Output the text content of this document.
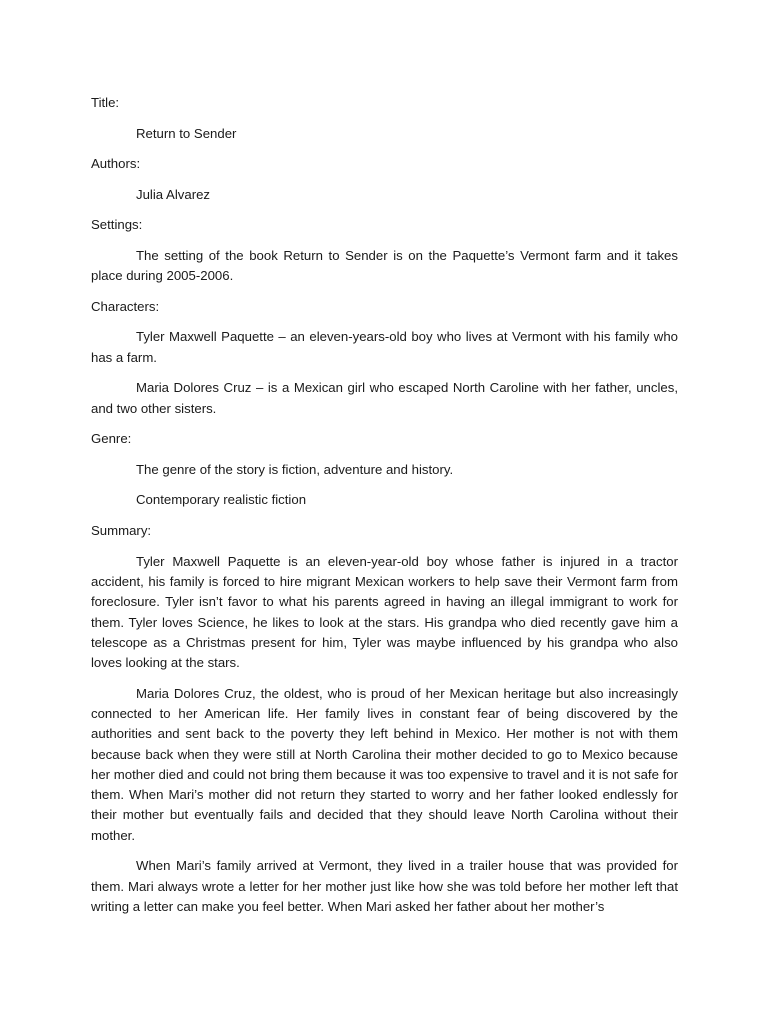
Title:
Return to Sender
Authors:
Julia Alvarez
Settings:

The setting of the book Return to Sender is on the Paquette’s Vermont farm and it takes place during 2005-2006.

Characters:

Tyler Maxwell Paquette – an eleven-years-old boy who lives at Vermont with his family who has a farm.

Maria Dolores Cruz – is a Mexican girl who escaped North Caroline with her father, uncles, and two other sisters.

Genre:
The genre of the story is fiction, adventure and history.
Contemporary realistic fiction
Summary:

Tyler Maxwell Paquette is an eleven-year-old boy whose father is injured in a tractor accident, his family is forced to hire migrant Mexican workers to help save their Vermont farm from foreclosure. Tyler isn’t favor to what his parents agreed in having an illegal immigrant to work for them. Tyler loves Science, he likes to look at the stars. His grandpa who died recently gave him a telescope as a Christmas present for him, Tyler was maybe influenced by his grandpa who also loves looking at the stars.

Maria Dolores Cruz, the oldest, who is proud of her Mexican heritage but also increasingly connected to her American life. Her family lives in constant fear of being discovered by the authorities and sent back to the poverty they left behind in Mexico. Her mother is not with them because back when they were still at North Carolina their mother decided to go to Mexico because her mother died and could not bring them because it was too expensive to travel and it is not safe for them. When Mari’s mother did not return they started to worry and her father looked endlessly for their mother but eventually fails and decided that they should leave North Carolina without their mother.

When Mari’s family arrived at Vermont, they lived in a trailer house that was provided for them. Mari always wrote a letter for her mother just like how she was told before her mother left that writing a letter can make you feel better. When Mari asked her father about her mother’s
